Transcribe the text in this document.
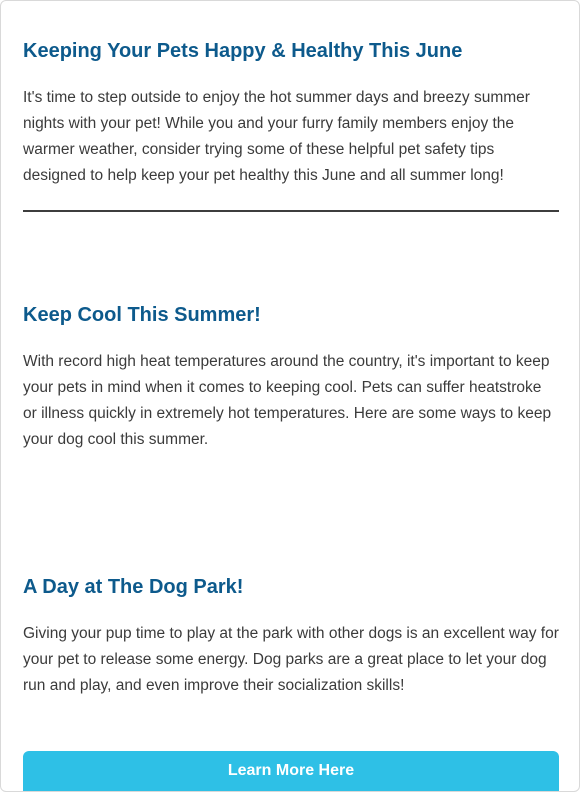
Keeping Your Pets Happy & Healthy This June

It's time to step outside to enjoy the hot summer days and breezy summer nights with your pet! While you and your furry family members enjoy the warmer weather, consider trying some of these helpful pet safety tips designed to help keep your pet healthy this June and all summer long!

Keep Cool This Summer!

With record high heat temperatures around the country, it's important to keep your pets in mind when it comes to keeping cool. Pets can suffer heatstroke or illness quickly in extremely hot temperatures. Here are some ways to keep your dog cool this summer.

A Day at The Dog Park!

Giving your pup time to play at the park with other dogs is an excellent way for your pet to release some energy. Dog parks are a great place to let your dog run and play, and even improve their socialization skills!

Learn More Here
